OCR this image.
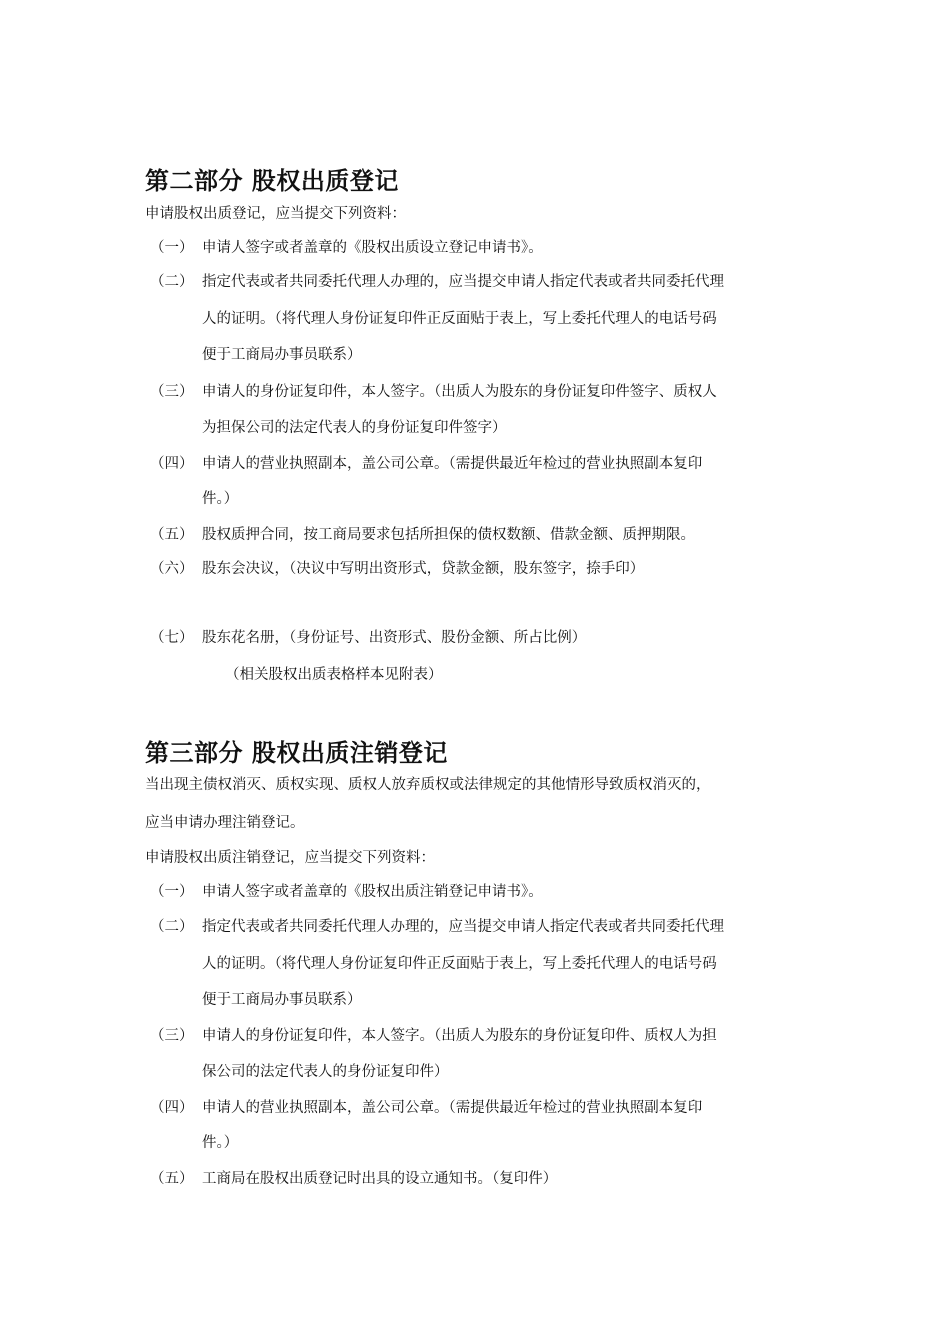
第二部分 股权出质登记
申请股权出质登记，应当提交下列资料：
（一） 申请人签字或者盖章的《股权出质设立登记申请书》。
（二） 指定代表或者共同委托代理人办理的，应当提交申请人指定代表或者共同委托代理
人的证明。（将代理人身份证复印件正反面贴于表上，写上委托代理人的电话号码
便于工商局办事员联系）
（三） 申请人的身份证复印件，本人签字。（出质人为股东的身份证复印件签字、质权人
为担保公司的法定代表人的身份证复印件签字）
（四） 申请人的营业执照副本，盖公司公章。（需提供最近年检过的营业执照副本复印
件。）
（五） 股权质押合同，按工商局要求包括所担保的债权数额、借款金额、质押期限。
（六） 股东会决议，（决议中写明出资形式，贷款金额，股东签字，捺手印）
（七） 股东花名册，（身份证号、出资形式、股份金额、所占比例）
（相关股权出质表格样本见附表）
第三部分 股权出质注销登记
当出现主债权消灭、质权实现、质权人放弃质权或法律规定的其他情形导致质权消灭的，
应当申请办理注销登记。
申请股权出质注销登记，应当提交下列资料：
（一） 申请人签字或者盖章的《股权出质注销登记申请书》。
（二） 指定代表或者共同委托代理人办理的，应当提交申请人指定代表或者共同委托代理
人的证明。（将代理人身份证复印件正反面贴于表上，写上委托代理人的电话号码
便于工商局办事员联系）
（三） 申请人的身份证复印件，本人签字。（出质人为股东的身份证复印件、质权人为担
保公司的法定代表人的身份证复印件）
（四） 申请人的营业执照副本，盖公司公章。（需提供最近年检过的营业执照副本复印
件。）
（五） 工商局在股权出质登记时出具的设立通知书。（复印件）
